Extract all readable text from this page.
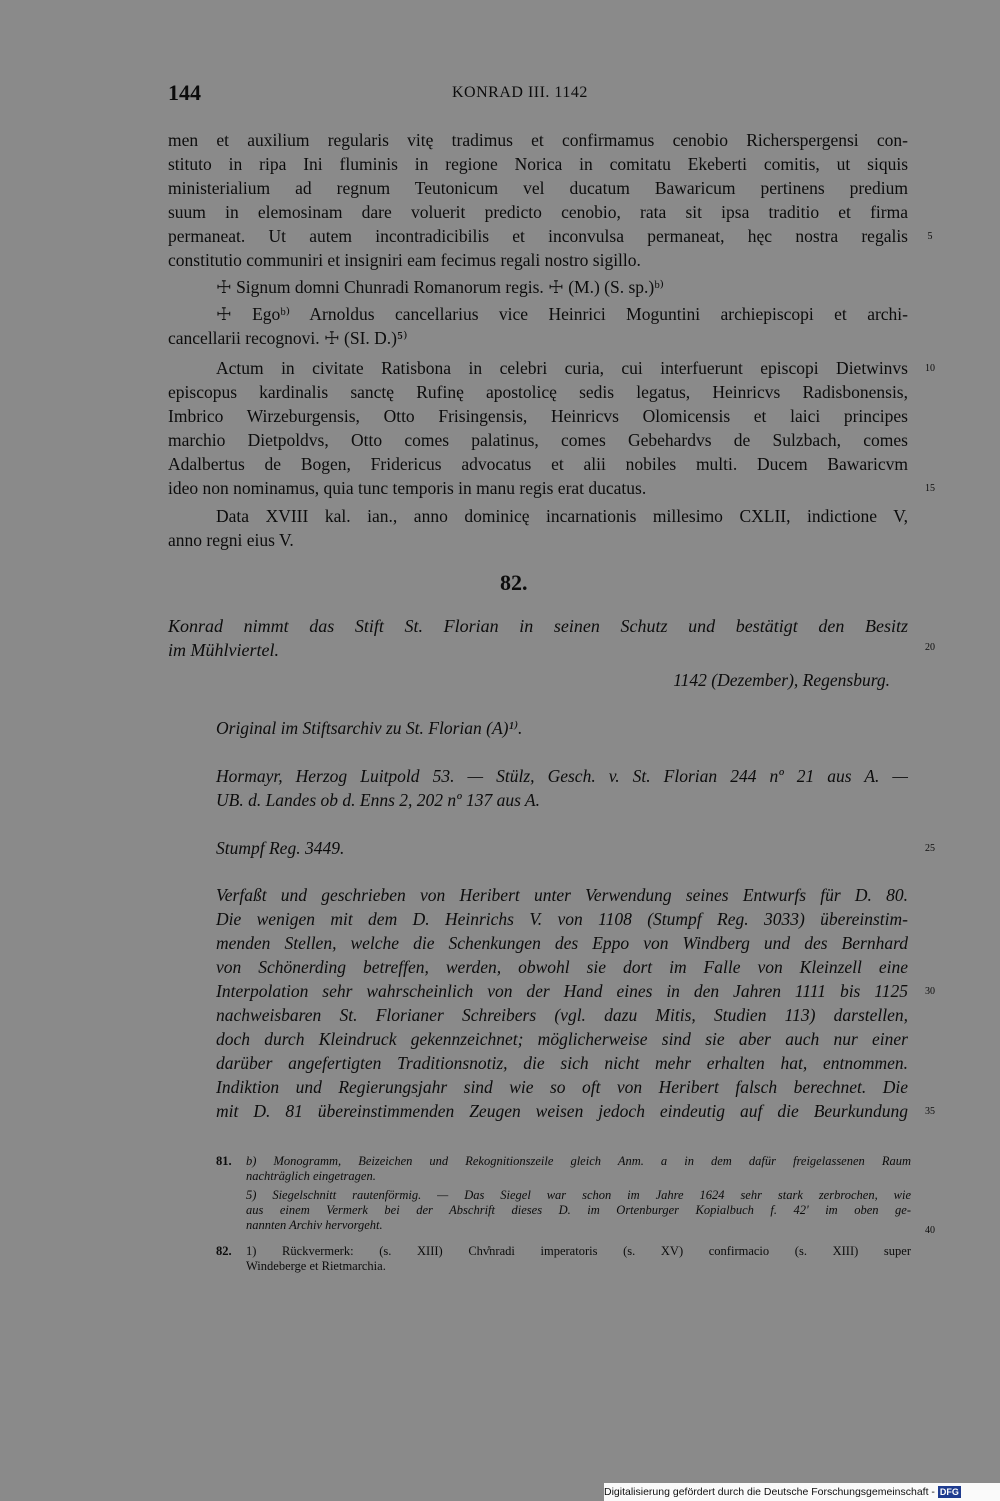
144	KONRAD III. 1142
men et auxilium regularis vitę tradimus et confirmamus cenobio Richerspergensi con-
stituto in ripa Ini fluminis in regione Norica in comitatu Ekeberti comitis, ut siquis
ministerialium ad regnum Teutonicum vel ducatum Bawaricum pertinens predium
suum in elemosinam dare voluerit predicto cenobio, rata sit ipsa traditio et firma
permaneat. Ut autem incontradicibilis et inconvulsa permaneat, hęc nostra regalis
constitutio communiri et insigniri eam fecimus regali nostro sigillo.
☩ Signum domni Chunradi Romanorum regis. ☩ (M.) (S. sp.)ᵇ⁾
☩ Egoᵇ⁾ Arnoldus cancellarius vice Heinrici Moguntini archiepiscopi et archi-
cancellarii recognovi. ☩ (SI. D.)⁵⁾
Actum in civitate Ratisbona in celebri curia, cui interfuerunt episcopi Dietwinvs
episcopus kardinalis sanctę Rufinę apostolicę sedis legatus, Heinricvs Radisbonensis,
Imbrico Wirzeburgensis, Otto Frisingensis, Heinricvs Olomicensis et laici principes
marchio Dietpoldvs, Otto comes palatinus, comes Gebehardvs de Sulzbach, comes
Adalbertus de Bogen, Fridericus advocatus et alii nobiles multi. Ducem Bawaricvm
ideo non nominamus, quia tunc temporis in manu regis erat ducatus.
Data XVIII kal. ian., anno dominicę incarnationis millesimo CXLII, indictione V,
anno regni eius V.
82.
Konrad nimmt das Stift St. Florian in seinen Schutz und bestätigt den Besitz
im Mühlviertel.
1142 (Dezember), Regensburg.
Original im Stiftsarchiv zu St. Florian (A)¹⁾.
Hormayr, Herzog Luitpold 53. — Stülz, Gesch. v. St. Florian 244 nº 21 aus A. —
UB. d. Landes ob d. Enns 2, 202 nº 137 aus A.
Stumpf Reg. 3449.
Verfaßt und geschrieben von Heribert unter Verwendung seines Entwurfs für D. 80.
Die wenigen mit dem D. Heinrichs V. von 1108 (Stumpf Reg. 3033) übereinstim-
menden Stellen, welche die Schenkungen des Eppo von Windberg und des Bernhard
von Schönerding betreffen, werden, obwohl sie dort im Falle von Kleinzell eine
Interpolation sehr wahrscheinlich von der Hand eines in den Jahren 1111 bis 1125
nachweisbaren St. Florianer Schreibers (vgl. dazu Mitis, Studien 113) darstellen,
doch durch Kleindruck gekennzeichnet; möglicherweise sind sie aber auch nur einer
darüber angefertigten Traditionsnotiz, die sich nicht mehr erhalten hat, entnommen.
Indiktion und Regierungsjahr sind wie so oft von Heribert falsch berechnet. Die
mit D. 81 übereinstimmenden Zeugen weisen jedoch eindeutig auf die Beurkundung
5
10
15
20
25
30
35
40
81. b) Monogramm, Beizeichen und Rekognitionszeile gleich Anm. a in dem dafür freigelassenen Raum
nachträglich eingetragen.
5) Siegelschnitt rautenförmig. — Das Siegel war schon im Jahre 1624 sehr stark zerbrochen, wie
aus einem Vermerk bei der Abschrift dieses D. im Ortenburger Kopialbuch f. 42' im oben ge-
nannten Archiv hervorgeht.
82. 1) Rückvermerk: (s. XIII) Chv̊nradi imperatoris (s. XV) confirmacio (s. XIII) super
Windeberge et Rietmarchia.
Digitalisierung gefördert durch die Deutsche Forschungsgemeinschaft - DFG
